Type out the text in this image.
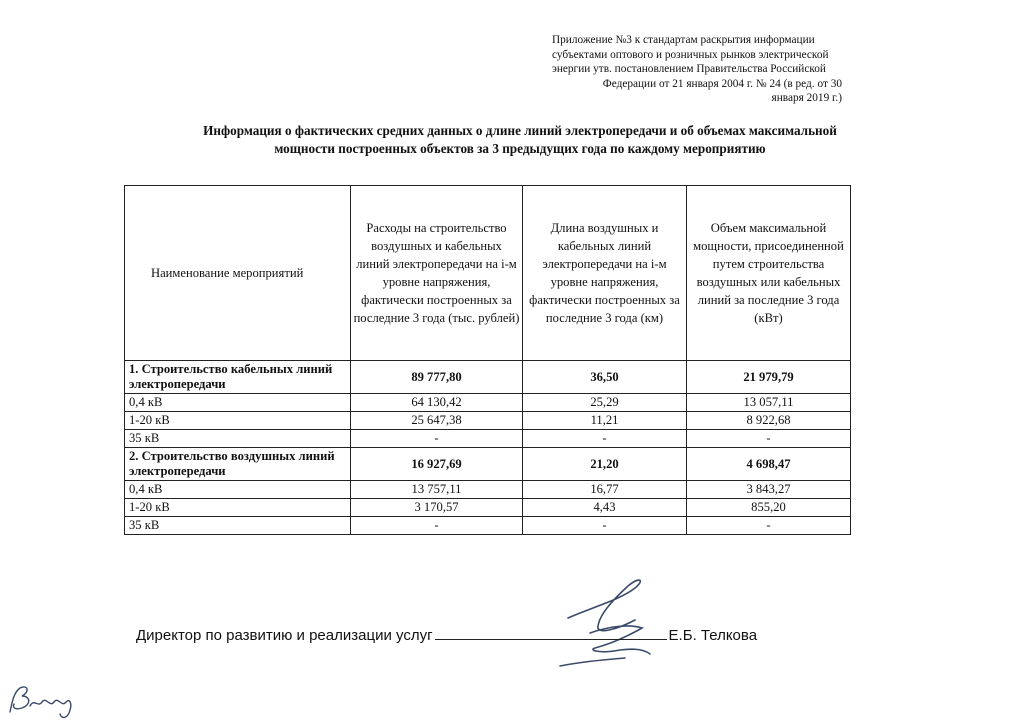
Приложение №3 к стандартам раскрытия информации
субъектами оптового и розничных рынков электрической
энергии утв. постановлением Правительства Российской
Федерации от 21 января 2004 г. № 24 (в ред. от 30
января 2019 г.)
Информация о фактических средних данных о длине линий электропередачи и об объемах максимальной
мощности построенных объектов за 3 предыдущих года по каждому мероприятию
Наименование мероприятий	Расходы на строительство воздушных и кабельных линий электропередачи на i-м уровне напряжения, фактически построенных за последние 3 года (тыс. рублей)	Длина воздушных и кабельных линий электропередачи на i-м уровне напряжения, фактически построенных за последние 3 года (км)	Объем максимальной мощности, присоединенной путем строительства воздушных или кабельных линий за последние 3 года (кВт)
1. Строительство кабельных линий электропередачи	89 777,80	36,50	21 979,79
0,4 кВ	64 130,42	25,29	13 057,11
1-20 кВ	25 647,38	11,21	8 922,68
35 кВ	-	-	-
2. Строительство воздушных линий электропередачи	16 927,69	21,20	4 698,47
0,4 кВ	13 757,11	16,77	3 843,27
1-20 кВ	3 170,57	4,43	855,20
35 кВ	-	-	-
Директор по развитию и реализации услуг	Е.Б. Телкова
